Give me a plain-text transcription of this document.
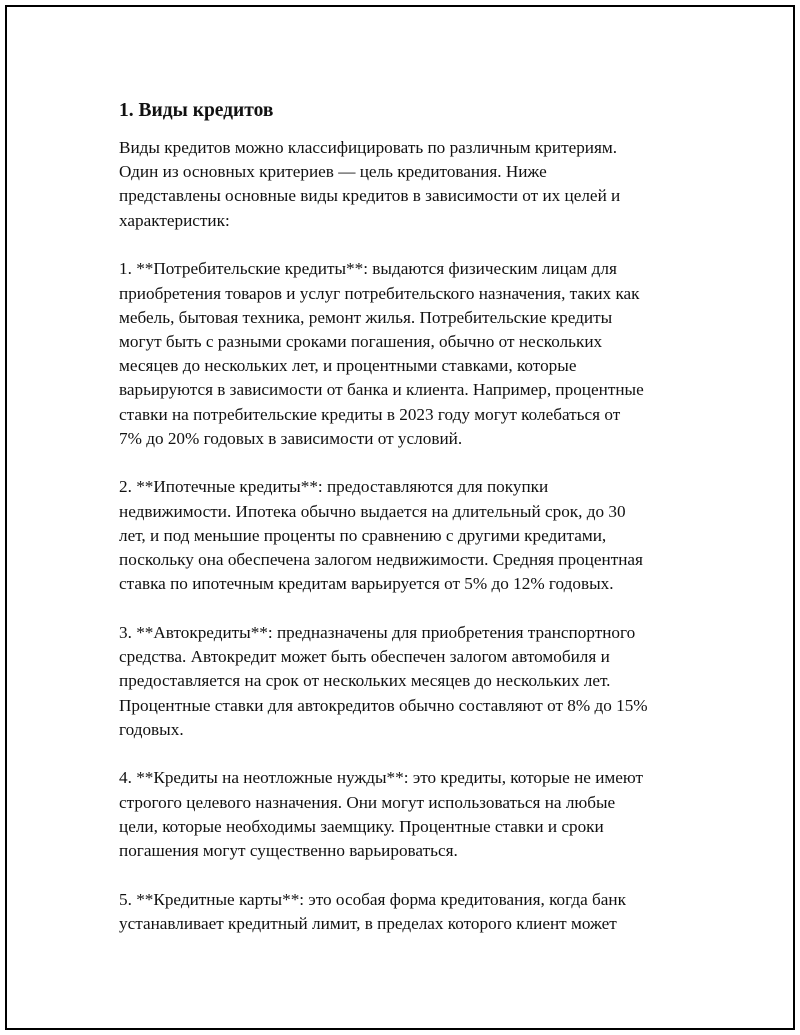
1. Виды кредитов
Виды кредитов можно классифицировать по различным критериям.
Один из основных критериев — цель кредитования. Ниже
представлены основные виды кредитов в зависимости от их целей и
характеристик:
1. **Потребительские кредиты**: выдаются физическим лицам для
приобретения товаров и услуг потребительского назначения, таких как
мебель, бытовая техника, ремонт жилья. Потребительские кредиты
могут быть с разными сроками погашения, обычно от нескольких
месяцев до нескольких лет, и процентными ставками, которые
варьируются в зависимости от банка и клиента. Например, процентные
ставки на потребительские кредиты в 2023 году могут колебаться от
7% до 20% годовых в зависимости от условий.
2. **Ипотечные кредиты**: предоставляются для покупки
недвижимости. Ипотека обычно выдается на длительный срок, до 30
лет, и под меньшие проценты по сравнению с другими кредитами,
поскольку она обеспечена залогом недвижимости. Средняя процентная
ставка по ипотечным кредитам варьируется от 5% до 12% годовых.
3. **Автокредиты**: предназначены для приобретения транспортного
средства. Автокредит может быть обеспечен залогом автомобиля и
предоставляется на срок от нескольких месяцев до нескольких лет.
Процентные ставки для автокредитов обычно составляют от 8% до 15%
годовых.
4. **Кредиты на неотложные нужды**: это кредиты, которые не имеют
строгого целевого назначения. Они могут использоваться на любые
цели, которые необходимы заемщику. Процентные ставки и сроки
погашения могут существенно варьироваться.
5. **Кредитные карты**: это особая форма кредитования, когда банк
устанавливает кредитный лимит, в пределах которого клиент может
